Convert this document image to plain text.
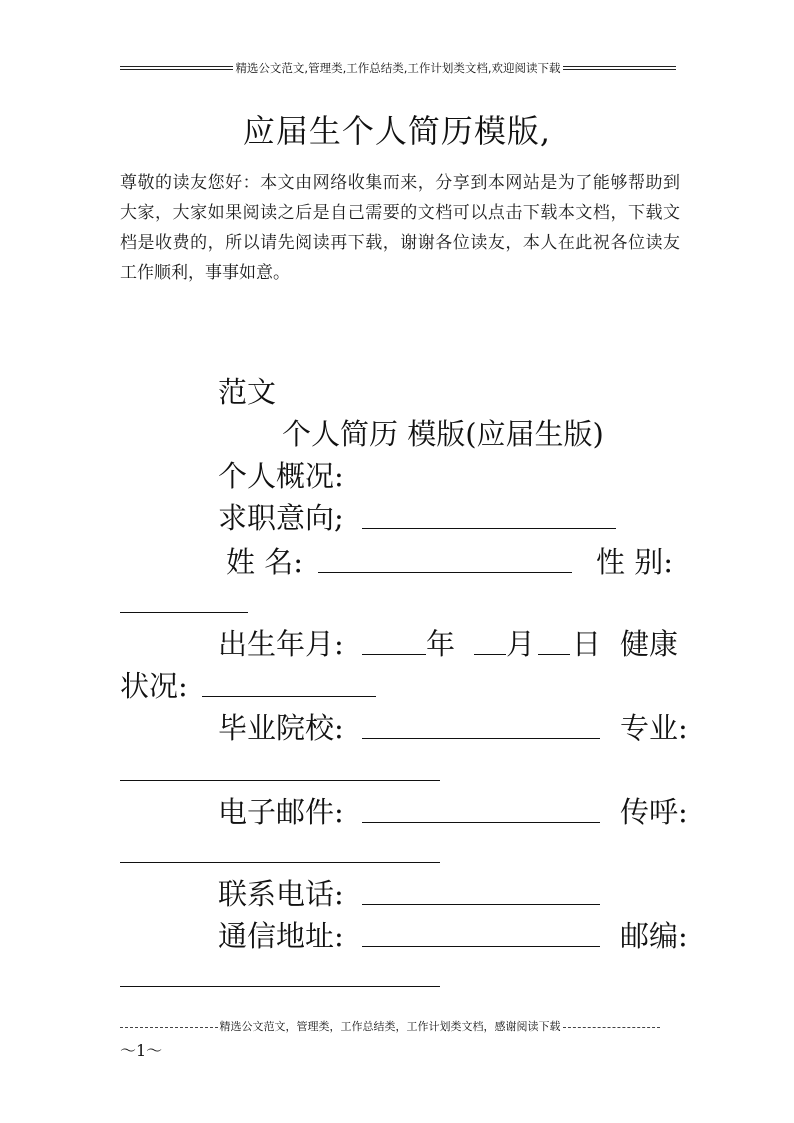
精选公文范文,管理类,工作总结类,工作计划类文档,欢迎阅读下载
应届生个人简历模版,
尊敬的读友您好：本文由网络收集而来，分享到本网站是为了能够帮助到大家，大家如果阅读之后是自己需要的文档可以点击下载本文档，下载文档是收费的，所以请先阅读再下载，谢谢各位读友，本人在此祝各位读友工作顺利，事事如意。
范文
个人简历 模版(应届生版)
个人概况:
求职意向;
姓 名:	性 别:
出生年月:	年 月 日 健康
状况:
毕业院校:	专业:
电子邮件:	传呼:
联系电话:
通信地址:	邮编:
精选公文范文，管理类，工作总结类，工作计划类文档，感谢阅读下载
～1～
